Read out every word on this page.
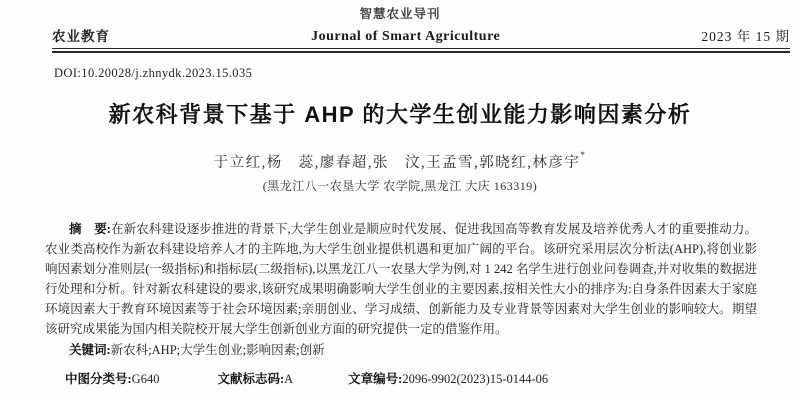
智慧农业导刊
农业教育	Journal of Smart Agriculture	2023 年 15 期
DOI:10.20028/j.zhnydk.2023.15.035
新农科背景下基于 AHP 的大学生创业能力影响因素分析
于立红,杨　蕊,廖春超,张　汶,王孟雪,郭晓红,林彦宇*
(黑龙江八一农垦大学 农学院,黑龙江 大庆 163319)

摘　要:在新农科建设逐步推进的背景下,大学生创业是顺应时代发展、促进我国高等教育发展及培养优秀人才的重要推动力。农业类高校作为新农科建设培养人才的主阵地,为大学生创业提供机遇和更加广阔的平台。该研究采用层次分析法(AHP),将创业影响因素划分准则层(一级指标)和指标层(二级指标),以黑龙江八一农垦大学为例,对 1 242 名学生进行创业问卷调查,并对收集的数据进行处理和分析。针对新农科建设的要求,该研究成果明确影响大学生创业的主要因素,按相关性大小的排序为:自身条件因素大于家庭环境因素大于教育环境因素等于社会环境因素;亲朋创业、学习成绩、创新能力及专业背景等因素对大学生创业的影响较大。期望该研究成果能为国内相关院校开展大学生创新创业方面的研究提供一定的借鉴作用。

关键词:新农科;AHP;大学生创业;影响因素;创新

中图分类号:G640	文献标志码:A	文章编号:2096-9902(2023)15-0144-06
